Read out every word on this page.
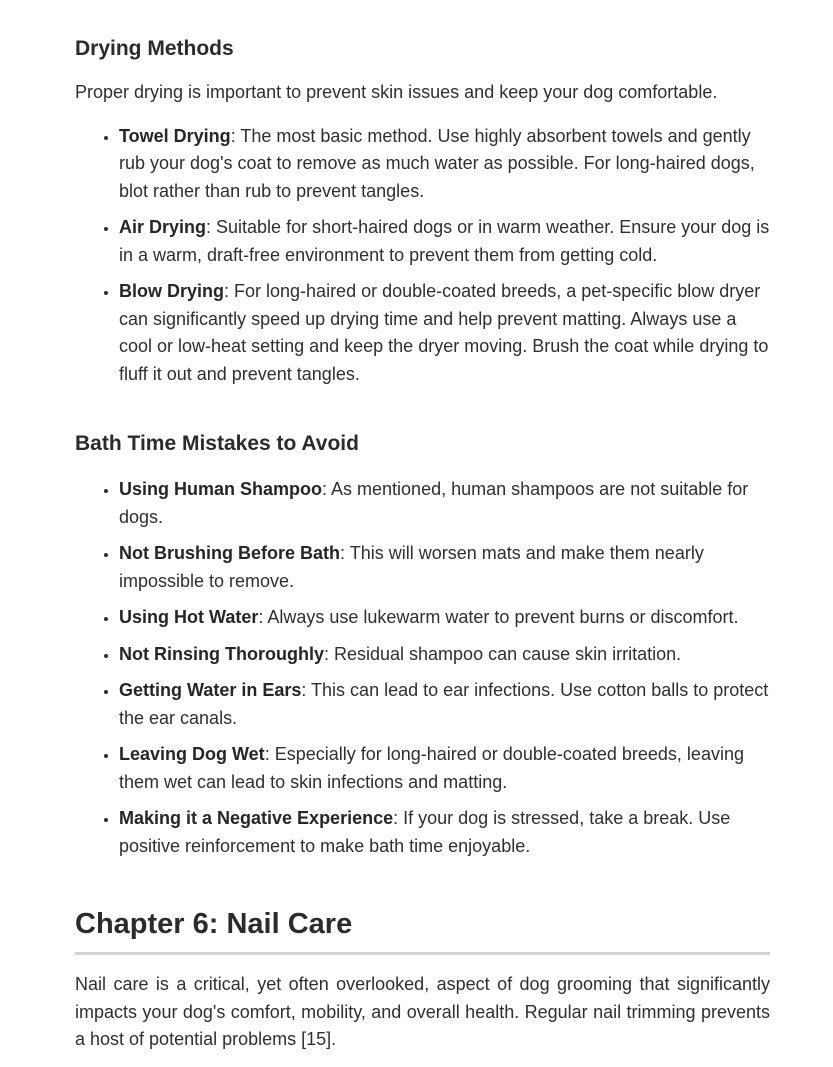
Drying Methods

Proper drying is important to prevent skin issues and keep your dog comfortable.

• Towel Drying: The most basic method. Use highly absorbent towels and gently rub your dog's coat to remove as much water as possible. For long-haired dogs, blot rather than rub to prevent tangles.
• Air Drying: Suitable for short-haired dogs or in warm weather. Ensure your dog is in a warm, draft-free environment to prevent them from getting cold.
• Blow Drying: For long-haired or double-coated breeds, a pet-specific blow dryer can significantly speed up drying time and help prevent matting. Always use a cool or low-heat setting and keep the dryer moving. Brush the coat while drying to fluff it out and prevent tangles.
Bath Time Mistakes to Avoid
• Using Human Shampoo: As mentioned, human shampoos are not suitable for dogs.
• Not Brushing Before Bath: This will worsen mats and make them nearly impossible to remove.
• Using Hot Water: Always use lukewarm water to prevent burns or discomfort.
• Not Rinsing Thoroughly: Residual shampoo can cause skin irritation.
• Getting Water in Ears: This can lead to ear infections. Use cotton balls to protect the ear canals.
• Leaving Dog Wet: Especially for long-haired or double-coated breeds, leaving them wet can lead to skin infections and matting.
• Making it a Negative Experience: If your dog is stressed, take a break. Use positive reinforcement to make bath time enjoyable.
Chapter 6: Nail Care

Nail care is a critical, yet often overlooked, aspect of dog grooming that significantly impacts your dog's comfort, mobility, and overall health. Regular nail trimming prevents a host of potential problems [15].
